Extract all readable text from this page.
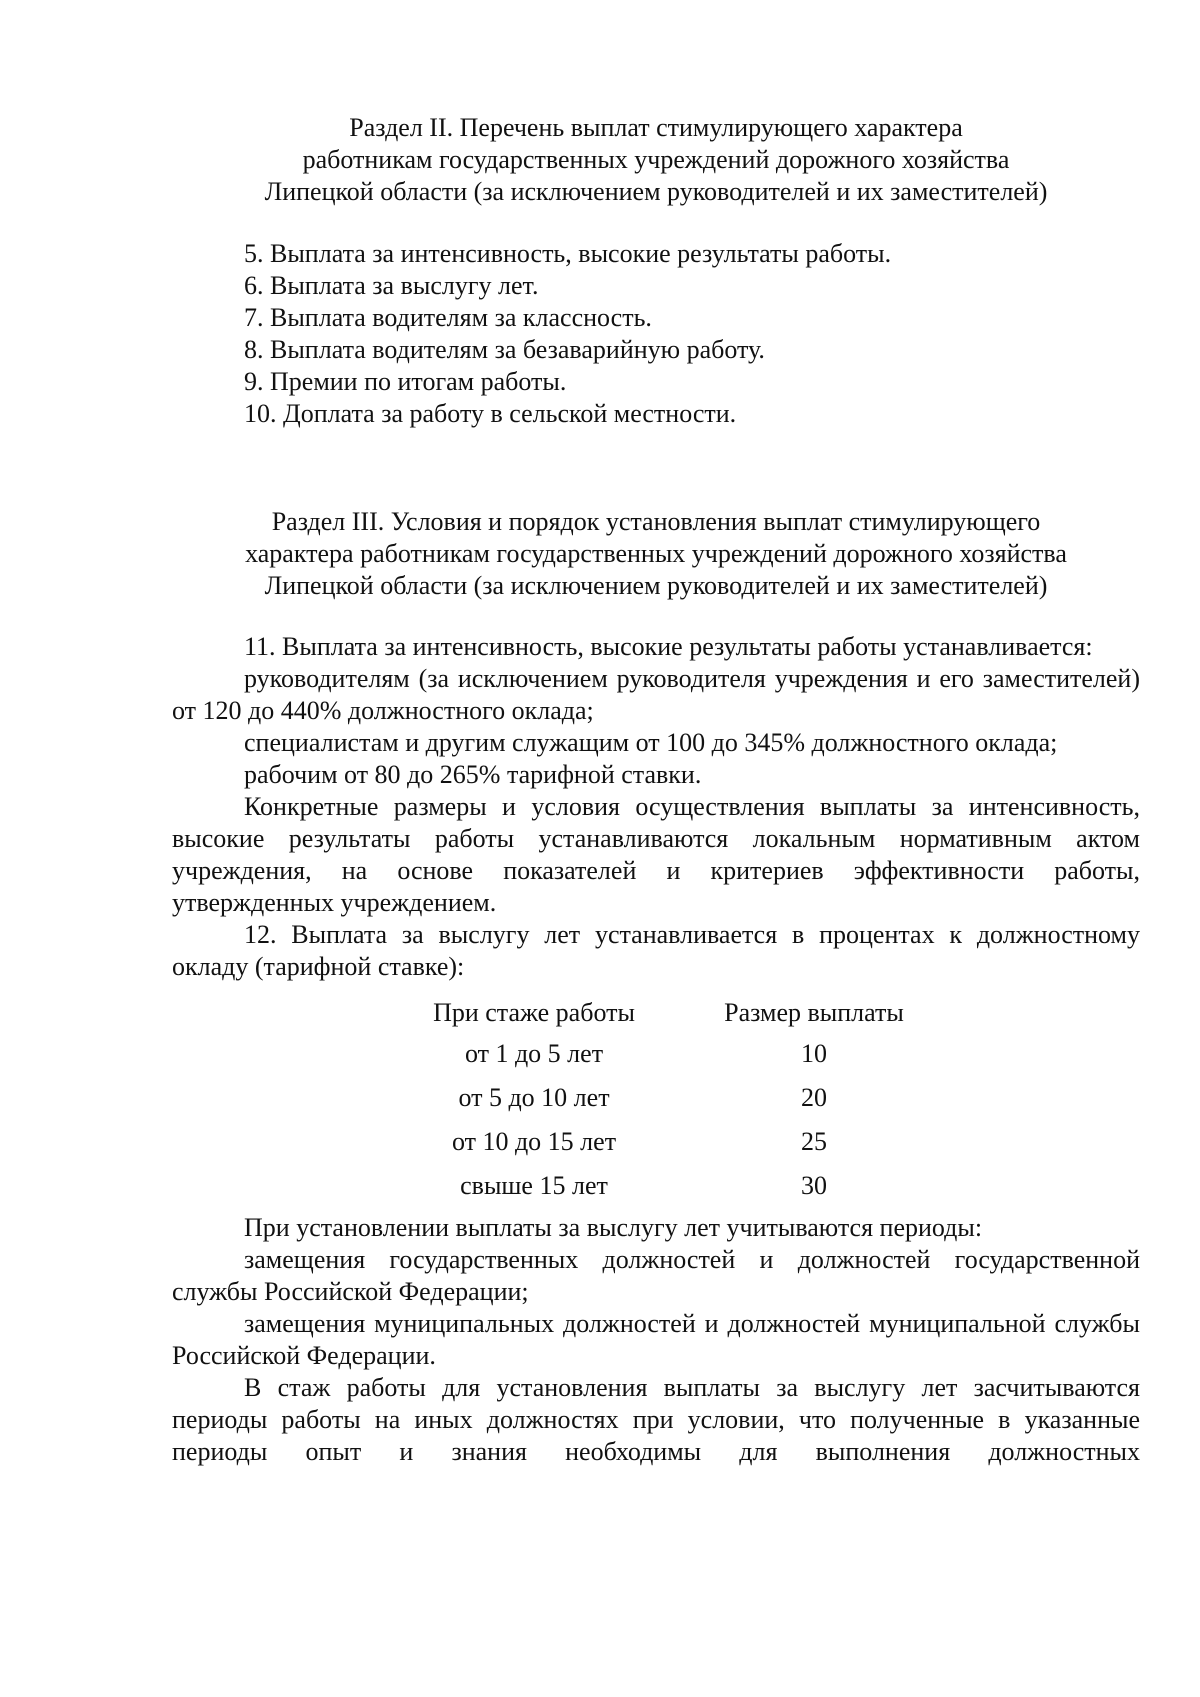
Раздел II. Перечень выплат стимулирующего характера
работникам государственных учреждений дорожного хозяйства
Липецкой области (за исключением руководителей и их заместителей)
5. Выплата за интенсивность, высокие результаты работы.
6. Выплата за выслугу лет.
7. Выплата водителям за классность.
8. Выплата водителям за безаварийную работу.
9. Премии по итогам работы.
10. Доплата за работу в сельской местности.
Раздел III. Условия и порядок установления выплат стимулирующего
характера работникам государственных учреждений дорожного хозяйства
Липецкой области (за исключением руководителей и их заместителей)

11. Выплата за интенсивность, высокие результаты работы устанавливается:

руководителям (за исключением руководителя учреждения и его заместителей) от 120 до 440% должностного оклада;

специалистам и другим служащим от 100 до 345% должностного оклада;

рабочим от 80 до 265% тарифной ставки.

Конкретные размеры и условия осуществления выплаты за интенсивность, высокие результаты работы устанавливаются локальным нормативным актом учреждения, на основе показателей и критериев эффективности работы, утвержденных учреждением.

12. Выплата за выслугу лет устанавливается в процентах к должностному окладу (тарифной ставке):

При стаже работы		Размер выплаты
от 1 до 5 лет		10
от 5 до 10 лет		20
от 10 до 15 лет		25
свыше 15 лет		30

При установлении выплаты за выслугу лет учитываются периоды:

замещения государственных должностей и должностей государственной службы Российской Федерации;

замещения муниципальных должностей и должностей муниципальной службы Российской Федерации.

В стаж работы для установления выплаты за выслугу лет засчитываются периоды работы на иных должностях при условии, что полученные в указанные периоды опыт и знания необходимы для выполнения должностных
